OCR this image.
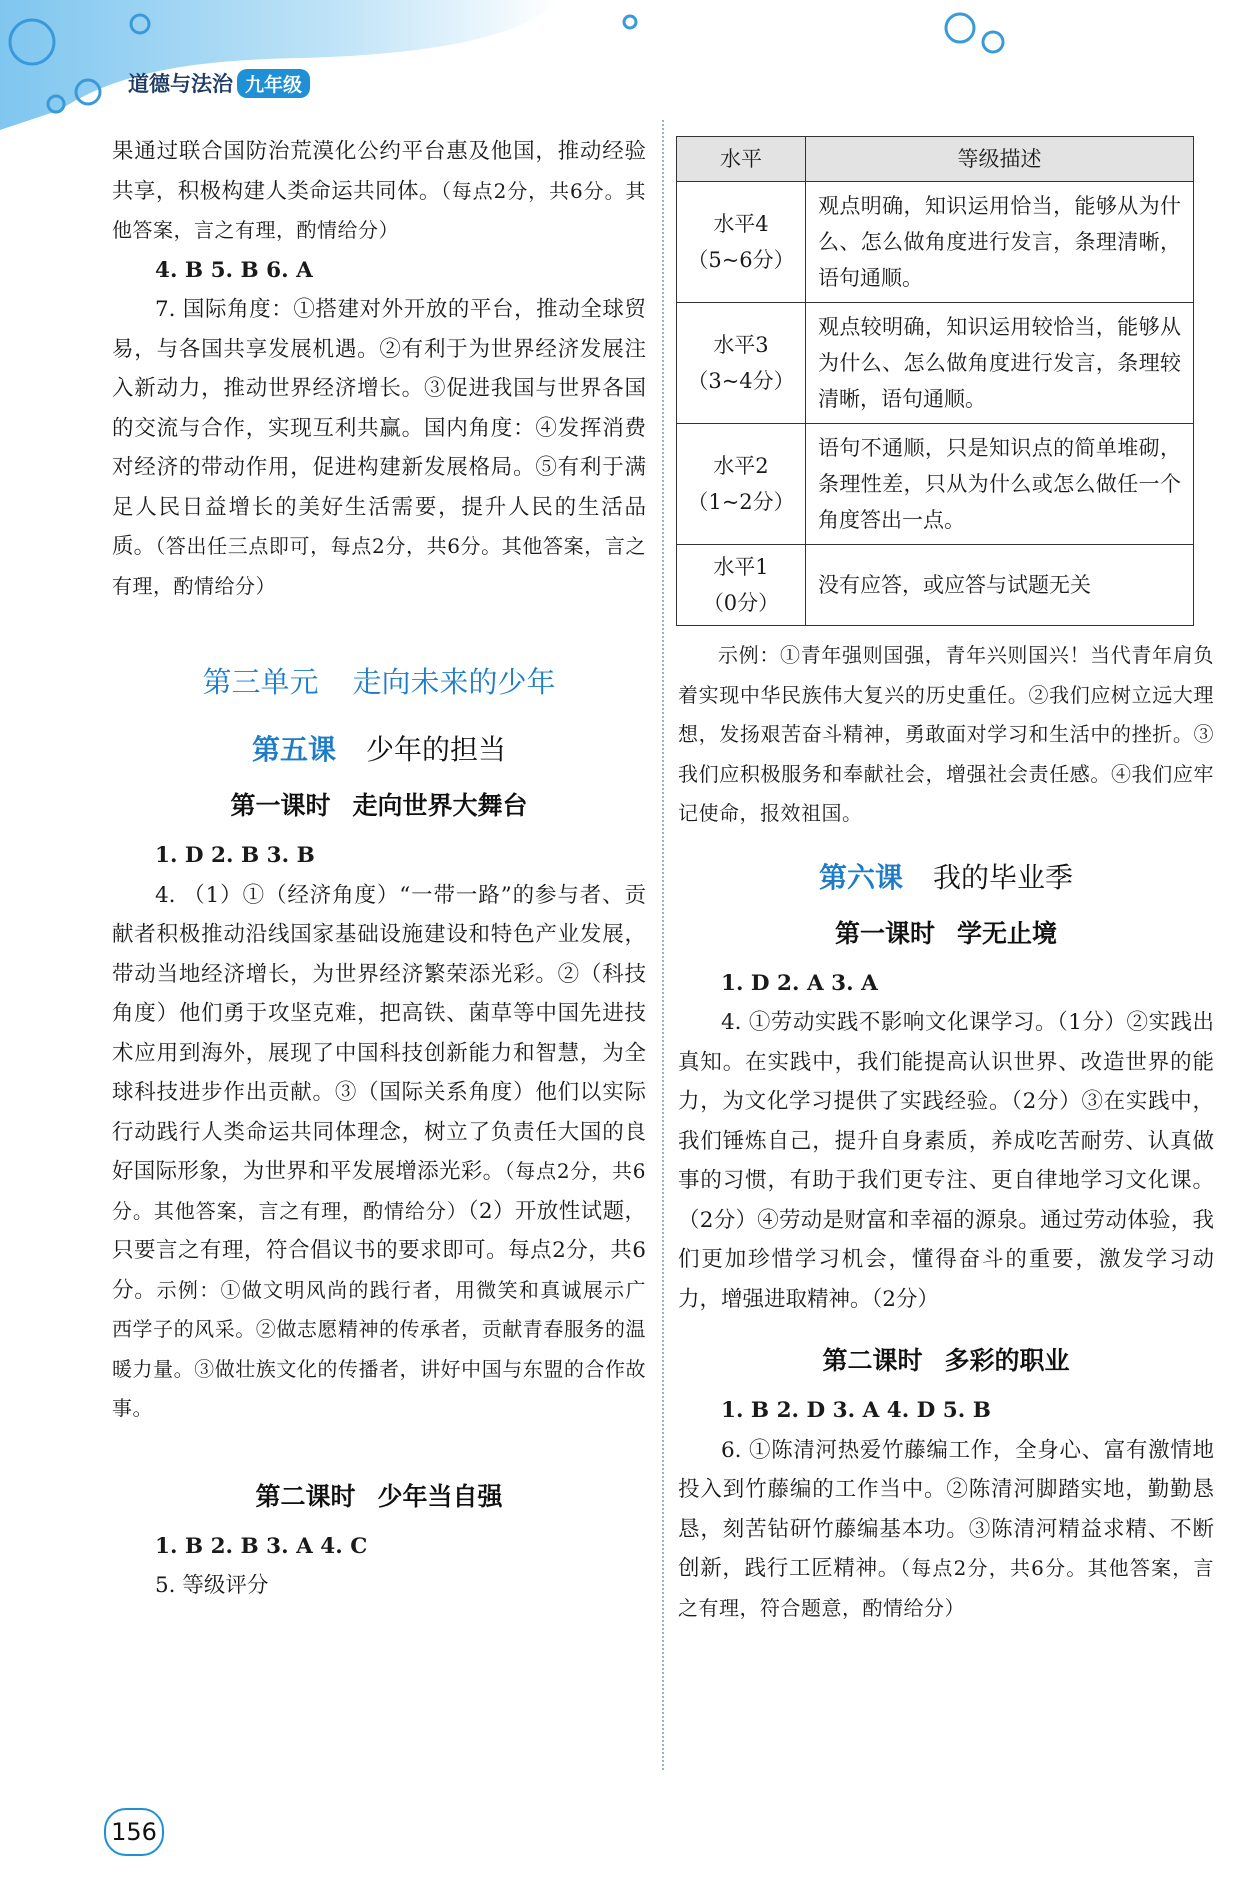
道德与法治 九年级

果通过联合国防治荒漠化公约平台惠及他国，推动经验共享，积极构建人类命运共同体。（每点2分，共6分。其他答案，言之有理，酌情给分）

4. B 5. B 6. A

7. 国际角度：①搭建对外开放的平台，推动全球贸易，与各国共享发展机遇。②有利于为世界经济发展注入新动力，推动世界经济增长。③促进我国与世界各国的交流与合作，实现互利共赢。国内角度：④发挥消费对经济的带动作用，促进构建新发展格局。⑤有利于满足人民日益增长的美好生活需要，提升人民的生活品质。（答出任三点即可，每点2分，共6分。其他答案，言之有理，酌情给分）

第三单元 走向未来的少年
第五课 少年的担当
第一课时 走向世界大舞台

1. D 2. B 3. B

4. （1）①（经济角度）“一带一路”的参与者、贡献者积极推动沿线国家基础设施建设和特色产业发展，带动当地经济增长，为世界经济繁荣添光彩。②（科技角度）他们勇于攻坚克难，把高铁、菌草等中国先进技术应用到海外，展现了中国科技创新能力和智慧，为全球科技进步作出贡献。③（国际关系角度）他们以实际行动践行人类命运共同体理念，树立了负责任大国的良好国际形象，为世界和平发展增添光彩。（每点2分，共6分。其他答案，言之有理，酌情给分）（2）开放性试题，只要言之有理，符合倡议书的要求即可。每点2分，共6分。示例：①做文明风尚的践行者，用微笑和真诚展示广西学子的风采。②做志愿精神的传承者，贡献青春服务的温暖力量。③做壮族文化的传播者，讲好中国与东盟的合作故事。

第二课时 少年当自强

1. B 2. B 3. A 4. C

5. 等级评分

水平	等级描述

水平4
（5~6分）	观点明确，知识运用恰当，能够从为什么、怎么做角度进行发言，条理清晰，语句通顺。

水平3
（3~4分）	观点较明确，知识运用较恰当，能够从为什么、怎么做角度进行发言，条理较清晰，语句通顺。

水平2
（1~2分）	语句不通顺，只是知识点的简单堆砌，条理性差，只从为什么或怎么做任一个角度答出一点。

水平1
（0分）	没有应答，或应答与试题无关

示例：①青年强则国强，青年兴则国兴！当代青年肩负着实现中华民族伟大复兴的历史重任。②我们应树立远大理想，发扬艰苦奋斗精神，勇敢面对学习和生活中的挫折。③我们应积极服务和奉献社会，增强社会责任感。④我们应牢记使命，报效祖国。

第六课 我的毕业季
第一课时 学无止境

1. D 2. A 3. A

4. ①劳动实践不影响文化课学习。（1分）②实践出真知。在实践中，我们能提高认识世界、改造世界的能力，为文化学习提供了实践经验。（2分）③在实践中，我们锤炼自己，提升自身素质，养成吃苦耐劳、认真做事的习惯，有助于我们更专注、更自律地学习文化课。（2分）④劳动是财富和幸福的源泉。通过劳动体验，我们更加珍惜学习机会，懂得奋斗的重要，激发学习动力，增强进取精神。（2分）

第二课时 多彩的职业

1. B 2. D 3. A 4. D 5. B

6. ①陈清河热爱竹藤编工作，全身心、富有激情地投入到竹藤编的工作当中。②陈清河脚踏实地，勤勤恳恳，刻苦钻研竹藤编基本功。③陈清河精益求精、不断创新，践行工匠精神。（每点2分，共6分。其他答案，言之有理，符合题意，酌情给分）

156
